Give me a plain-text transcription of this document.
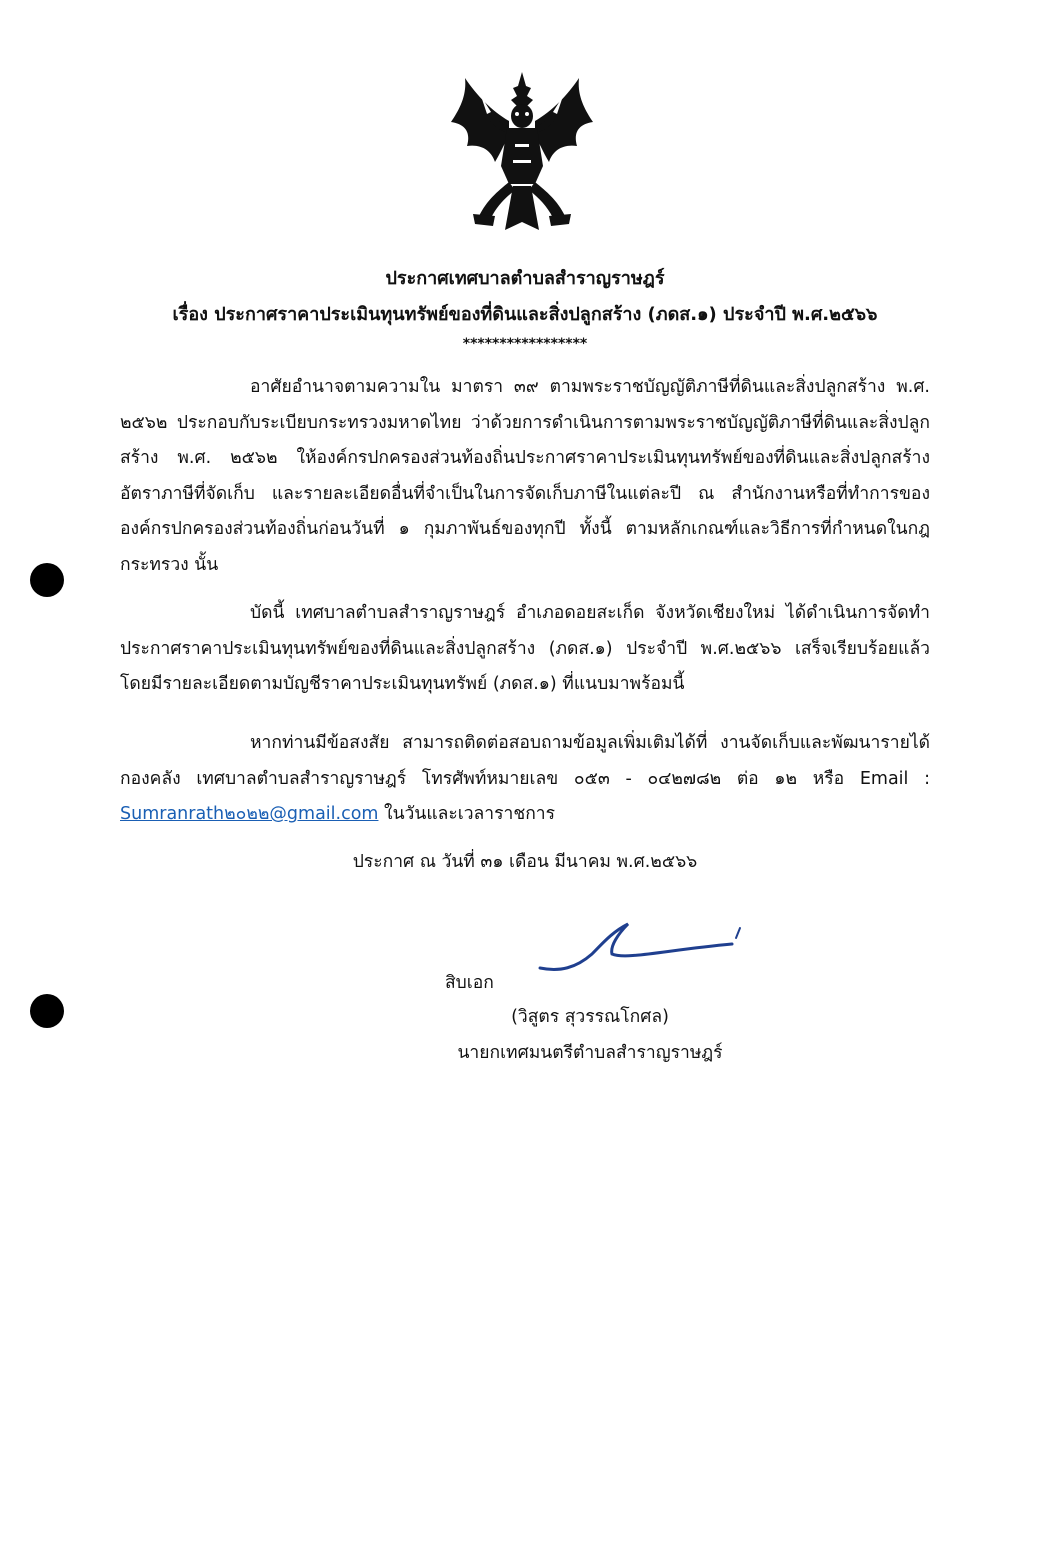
ประกาศเทศบาลตำบลสำราญราษฎร์
เรื่อง ประกาศราคาประเมินทุนทรัพย์ของที่ดินและสิ่งปลูกสร้าง (ภดส.๑) ประจำปี พ.ศ.๒๕๖๖
*****************
อาศัยอำนาจตามความใน มาตรา ๓๙ ตามพระราชบัญญัติภาษีที่ดินและสิ่งปลูกสร้าง พ.ศ. ๒๕๖๒ ประกอบกับระเบียบกระทรวงมหาดไทย ว่าด้วยการดำเนินการตามพระราชบัญญัติภาษีที่ดินและสิ่งปลูกสร้าง พ.ศ. ๒๕๖๒ ให้องค์กรปกครองส่วนท้องถิ่นประกาศราคาประเมินทุนทรัพย์ของที่ดินและสิ่งปลูกสร้าง อัตราภาษีที่จัดเก็บ และรายละเอียดอื่นที่จำเป็นในการจัดเก็บภาษีในแต่ละปี ณ สำนักงานหรือที่ทำการขององค์กรปกครองส่วนท้องถิ่นก่อนวันที่ ๑ กุมภาพันธ์ของทุกปี ทั้งนี้ ตามหลักเกณฑ์และวิธีการที่กำหนดในกฎกระทรวง นั้น
บัดนี้ เทศบาลตำบลสำราญราษฎร์ อำเภอดอยสะเก็ด จังหวัดเชียงใหม่ ได้ดำเนินการจัดทำประกาศราคาประเมินทุนทรัพย์ของที่ดินและสิ่งปลูกสร้าง (ภดส.๑) ประจำปี พ.ศ.๒๕๖๖ เสร็จเรียบร้อยแล้ว โดยมีรายละเอียดตามบัญชีราคาประเมินทุนทรัพย์ (ภดส.๑) ที่แนบมาพร้อมนี้
หากท่านมีข้อสงสัย สามารถติดต่อสอบถามข้อมูลเพิ่มเติมได้ที่ งานจัดเก็บและพัฒนารายได้ กองคลัง เทศบาลตำบลสำราญราษฎร์ โทรศัพท์หมายเลข ๐๕๓ - ๐๔๒๗๘๒ ต่อ ๑๒ หรือ Email : Sumranrath๒๐๒๒@gmail.com ในวันและเวลาราชการ
ประกาศ ณ วันที่ ๓๑ เดือน มีนาคม พ.ศ.๒๕๖๖
สิบเอก
(วิสูตร สุวรรณโกศล)
นายกเทศมนตรีตำบลสำราญราษฎร์
